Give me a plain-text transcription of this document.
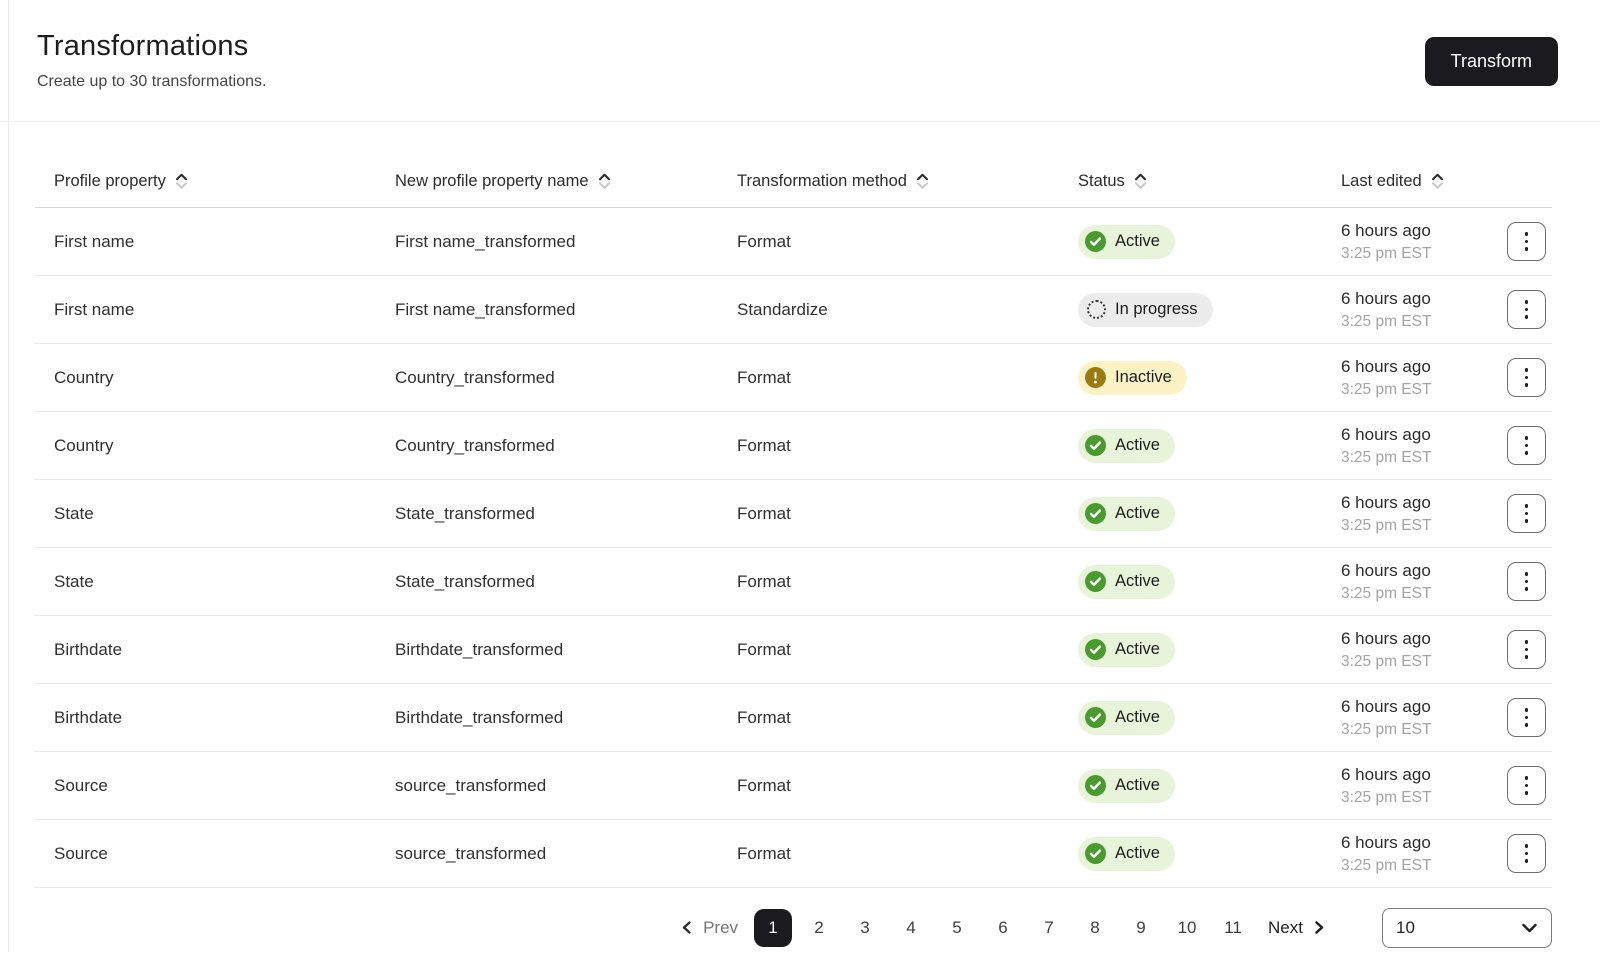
Transformations
Create up to 30 transformations.
Transform
Profile property	New profile property name	Transformation method	Status	Last edited
First name	First name_transformed	Format	Active
6 hours ago
3:25 pm EST
First name	First name_transformed	Standardize	In progress
6 hours ago
3:25 pm EST
Country	Country_transformed	Format	Inactive
6 hours ago
3:25 pm EST
Country	Country_transformed	Format	Active
6 hours ago
3:25 pm EST
State	State_transformed	Format	Active
6 hours ago
3:25 pm EST
State	State_transformed	Format	Active
6 hours ago
3:25 pm EST
Birthdate	Birthdate_transformed	Format	Active
6 hours ago
3:25 pm EST
Birthdate	Birthdate_transformed	Format	Active
6 hours ago
3:25 pm EST
Source	source_transformed	Format	Active
6 hours ago
3:25 pm EST
Source	source_transformed	Format	Active
6 hours ago
3:25 pm EST
Prev	1	2	3	4	5	6	7	8	9	10	11	Next	10
